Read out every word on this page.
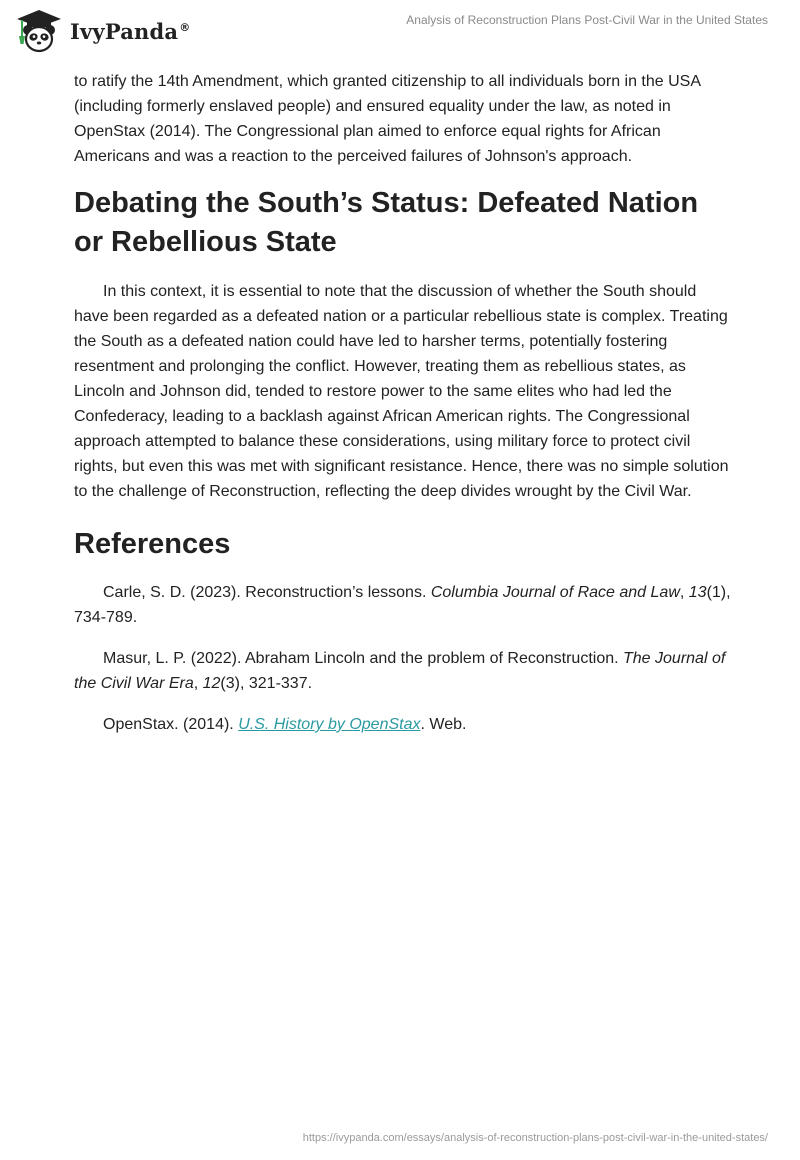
IvyPanda®	Analysis of Reconstruction Plans Post-Civil War in the United States

to ratify the 14th Amendment, which granted citizenship to all individuals born in the USA (including formerly enslaved people) and ensured equality under the law, as noted in OpenStax (2014). The Congressional plan aimed to enforce equal rights for African Americans and was a reaction to the perceived failures of Johnson's approach.

Debating the South’s Status: Defeated Nation or Rebellious State

In this context, it is essential to note that the discussion of whether the South should have been regarded as a defeated nation or a particular rebellious state is complex. Treating the South as a defeated nation could have led to harsher terms, potentially fostering resentment and prolonging the conflict. However, treating them as rebellious states, as Lincoln and Johnson did, tended to restore power to the same elites who had led the Confederacy, leading to a backlash against African American rights. The Congressional approach attempted to balance these considerations, using military force to protect civil rights, but even this was met with significant resistance. Hence, there was no simple solution to the challenge of Reconstruction, reflecting the deep divides wrought by the Civil War.

References

Carle, S. D. (2023). Reconstruction’s lessons. Columbia Journal of Race and Law, 13(1), 734-789.

Masur, L. P. (2022). Abraham Lincoln and the problem of Reconstruction. The Journal of the Civil War Era, 12(3), 321-337.

OpenStax. (2014). U.S. History by OpenStax. Web.

https://ivypanda.com/essays/analysis-of-reconstruction-plans-post-civil-war-in-the-united-states/
